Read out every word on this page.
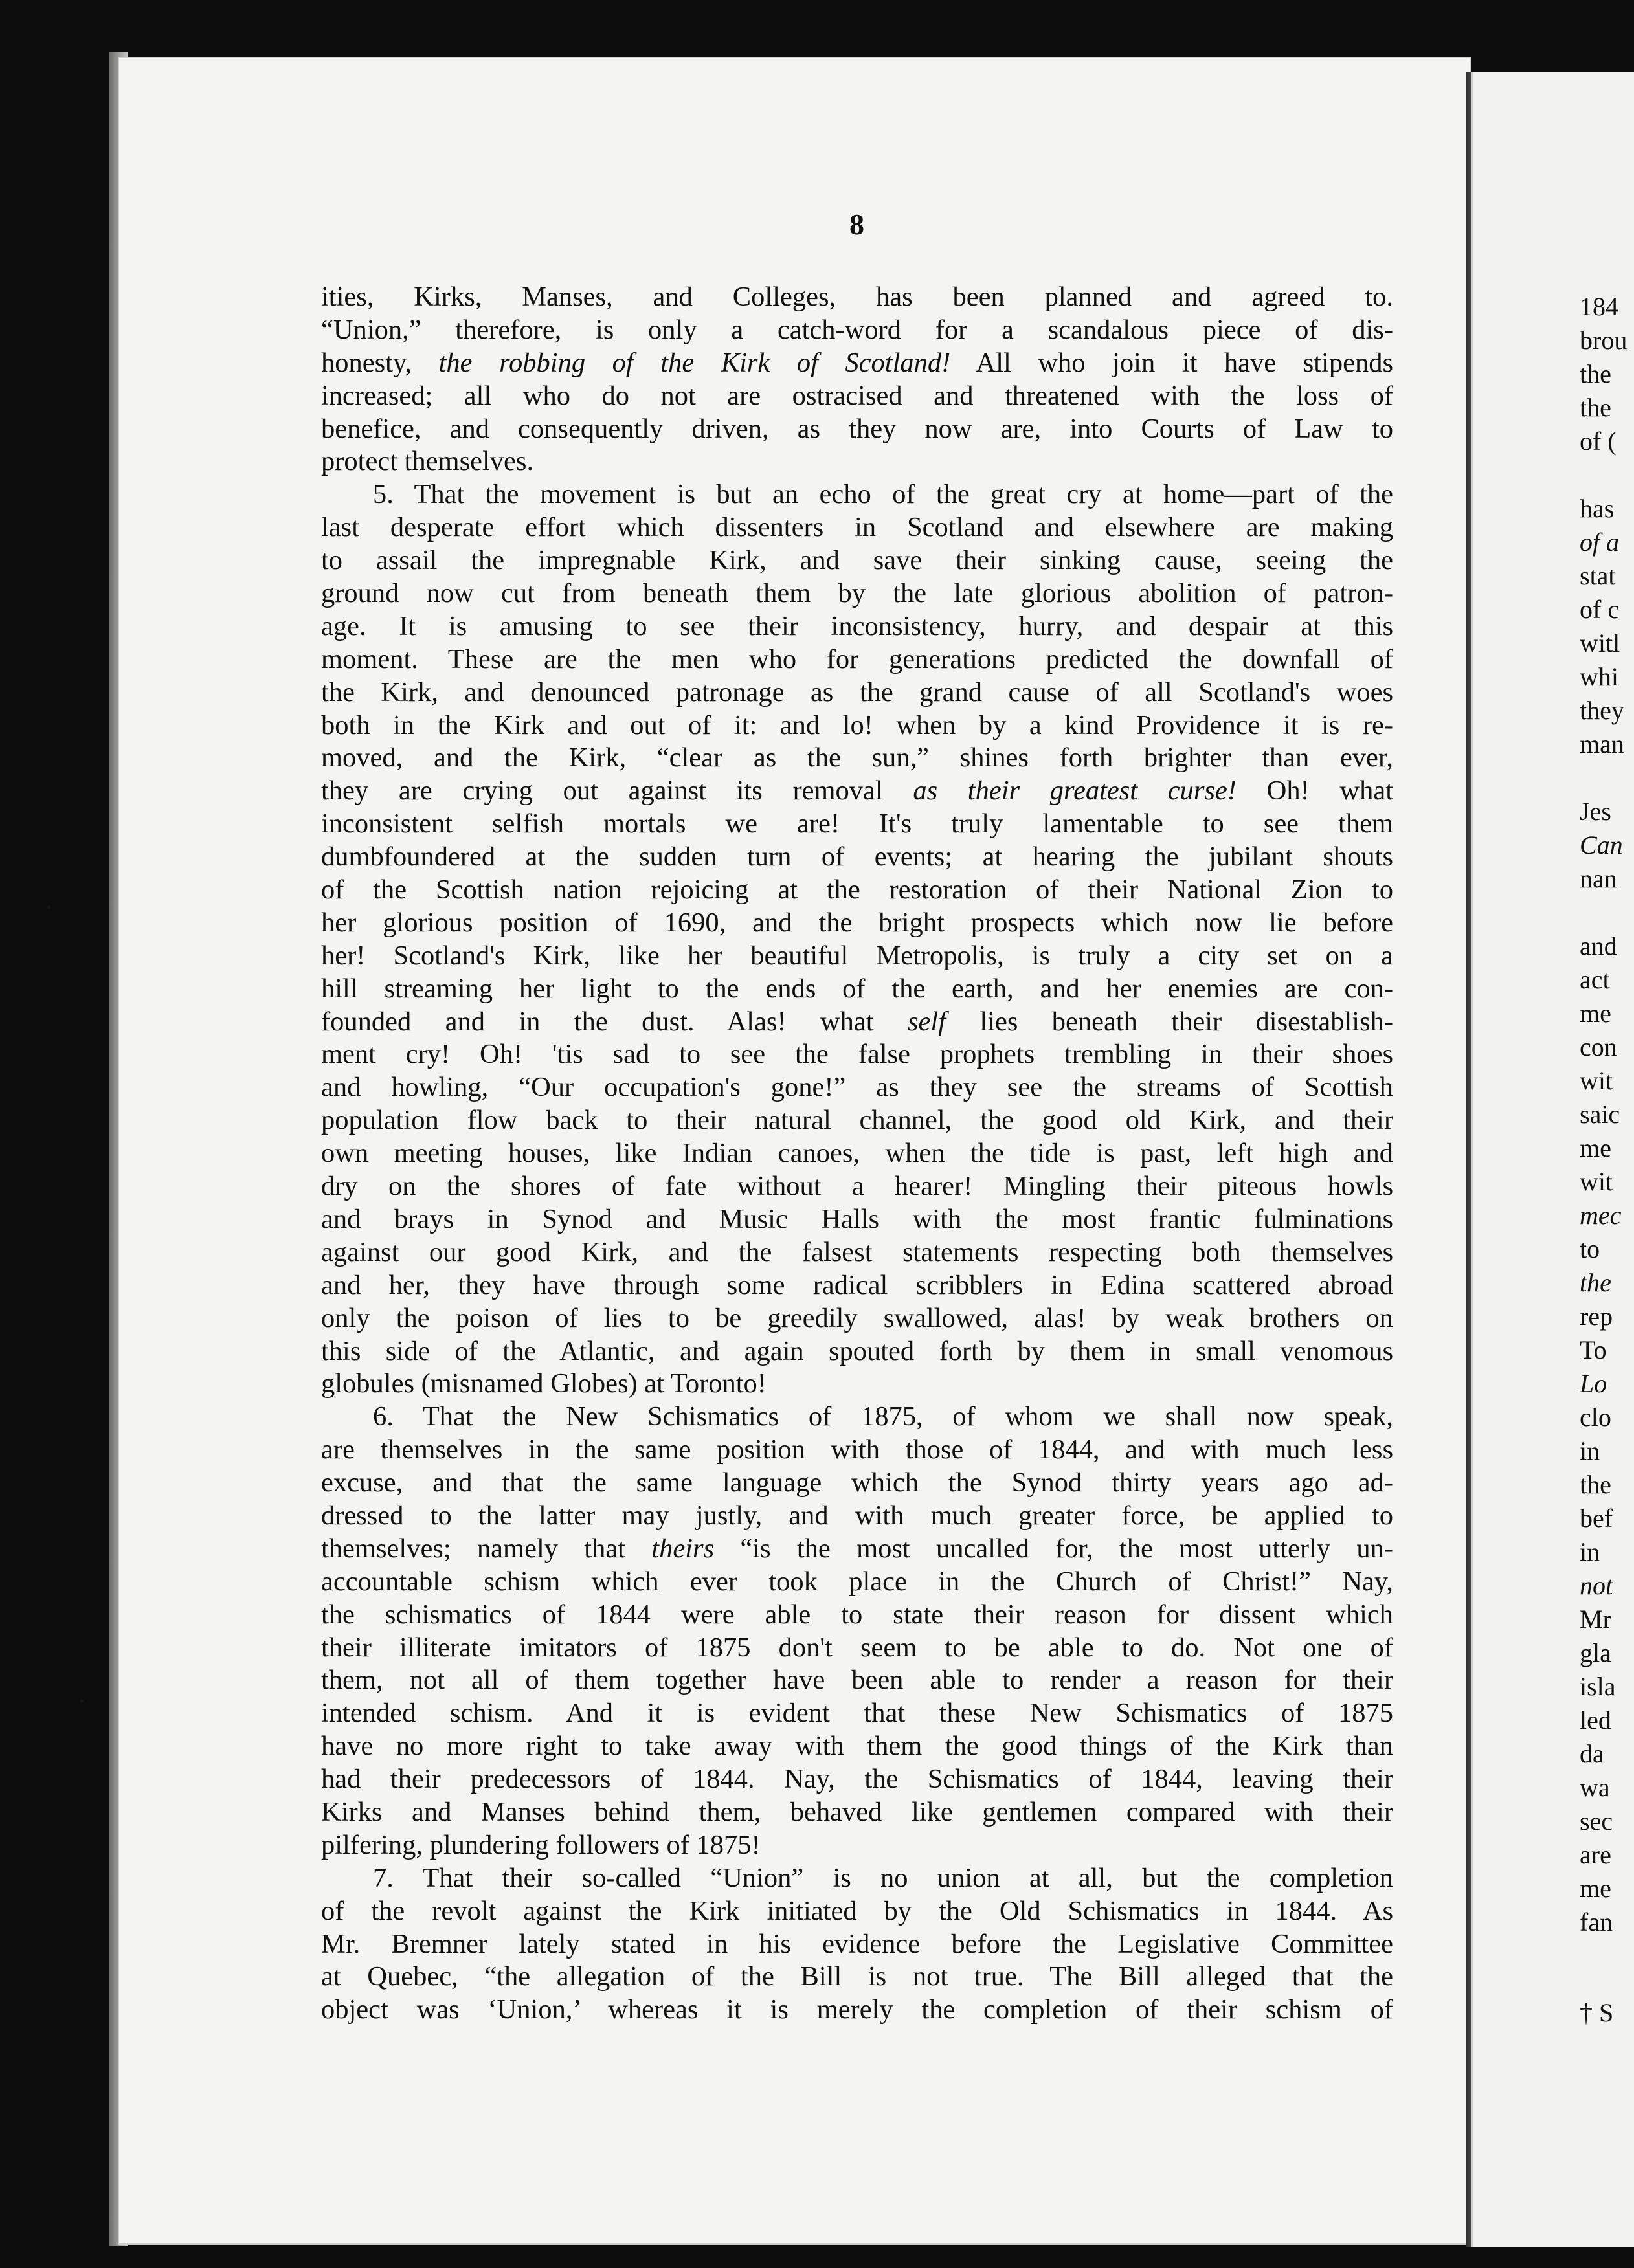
184
brou
the
the
of (
has
of a
stat
of c
witl
whi
they
man
Jes
Can
nan
and
act
me
con
wit
saic
me
wit
mec
to
the
rep
To
Lo
clo
in
the
bef
in
not
Mr
gla
isla
led
da
wa
sec
are
me
fan
† S
8
ities, Kirks, Manses, and Colleges, has been planned and agreed to.
“Union,” therefore, is only a catch-word for a scandalous piece of dis-
honesty, the robbing of the Kirk of Scotland! All who join it have stipends
increased; all who do not are ostracised and threatened with the loss of
benefice, and consequently driven, as they now are, into Courts of Law to
protect themselves.
5. That the movement is but an echo of the great cry at home—part of the
last desperate effort which dissenters in Scotland and elsewhere are making
to assail the impregnable Kirk, and save their sinking cause, seeing the
ground now cut from beneath them by the late glorious abolition of patron-
age. It is amusing to see their inconsistency, hurry, and despair at this
moment. These are the men who for generations predicted the downfall of
the Kirk, and denounced patronage as the grand cause of all Scotland's woes
both in the Kirk and out of it: and lo! when by a kind Providence it is re-
moved, and the Kirk, “clear as the sun,” shines forth brighter than ever,
they are crying out against its removal as their greatest curse! Oh! what
inconsistent selfish mortals we are! It's truly lamentable to see them
dumbfoundered at the sudden turn of events; at hearing the jubilant shouts
of the Scottish nation rejoicing at the restoration of their National Zion to
her glorious position of 1690, and the bright prospects which now lie before
her! Scotland's Kirk, like her beautiful Metropolis, is truly a city set on a
hill streaming her light to the ends of the earth, and her enemies are con-
founded and in the dust. Alas! what self lies beneath their disestablish-
ment cry! Oh! 'tis sad to see the false prophets trembling in their shoes
and howling, “Our occupation's gone!” as they see the streams of Scottish
population flow back to their natural channel, the good old Kirk, and their
own meeting houses, like Indian canoes, when the tide is past, left high and
dry on the shores of fate without a hearer! Mingling their piteous howls
and brays in Synod and Music Halls with the most frantic fulminations
against our good Kirk, and the falsest statements respecting both themselves
and her, they have through some radical scribblers in Edina scattered abroad
only the poison of lies to be greedily swallowed, alas! by weak brothers on
this side of the Atlantic, and again spouted forth by them in small venomous
globules (misnamed Globes) at Toronto!
6. That the New Schismatics of 1875, of whom we shall now speak,
are themselves in the same position with those of 1844, and with much less
excuse, and that the same language which the Synod thirty years ago ad-
dressed to the latter may justly, and with much greater force, be applied to
themselves; namely that theirs “is the most uncalled for, the most utterly un-
accountable schism which ever took place in the Church of Christ!” Nay,
the schismatics of 1844 were able to state their reason for dissent which
their illiterate imitators of 1875 don't seem to be able to do. Not one of
them, not all of them together have been able to render a reason for their
intended schism. And it is evident that these New Schismatics of 1875
have no more right to take away with them the good things of the Kirk than
had their predecessors of 1844. Nay, the Schismatics of 1844, leaving their
Kirks and Manses behind them, behaved like gentlemen compared with their
pilfering, plundering followers of 1875!
7. That their so-called “Union” is no union at all, but the completion
of the revolt against the Kirk initiated by the Old Schismatics in 1844. As
Mr. Bremner lately stated in his evidence before the Legislative Committee
at Quebec, “the allegation of the Bill is not true. The Bill alleged that the
object was ‘Union,’ whereas it is merely the completion of their schism of
